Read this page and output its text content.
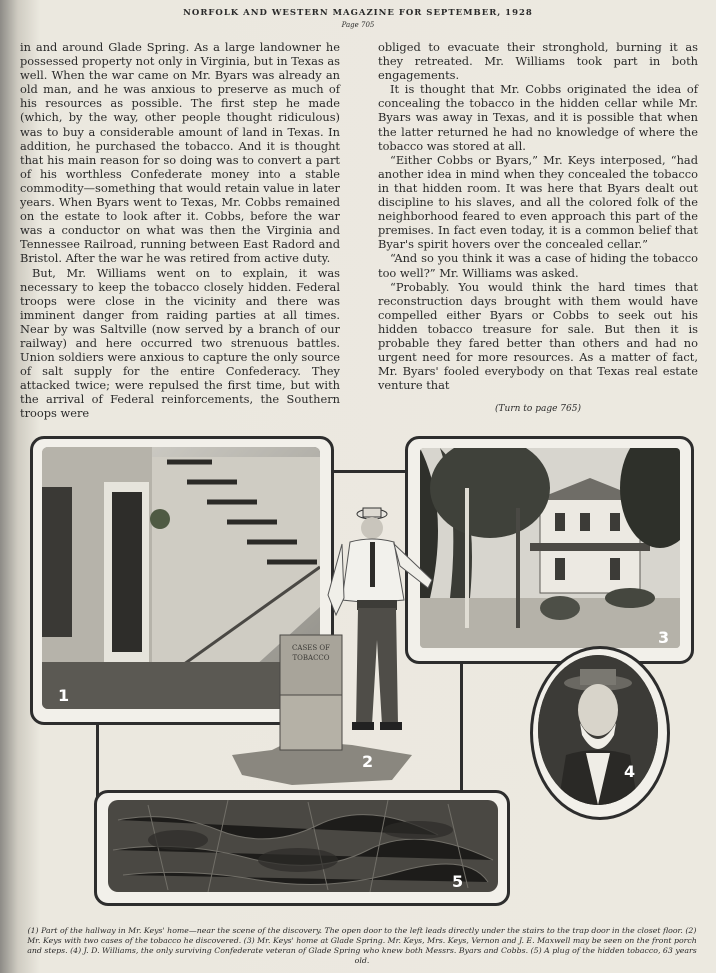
NORFOLK AND WESTERN MAGAZINE FOR SEPTEMBER, 1928
Page 705

in and around Glade Spring. As a large landowner he possessed property not only in Virginia, but in Texas as well. When the war came on Mr. Byars was already an old man, and he was anxious to preserve as much of his resources as possible. The first step he made (which, by the way, other people thought ridiculous) was to buy a considerable amount of land in Texas. In addition, he purchased the tobacco. And it is thought that his main reason for so doing was to convert a part of his worthless Confederate money into a stable commodity—something that would retain value in later years. When Byars went to Texas, Mr. Cobbs remained on the estate to look after it. Cobbs, before the war was a conductor on what was then the Virginia and Tennessee Railroad, running between East Radord and Bristol. After the war he was retired from active duty.

But, Mr. Williams went on to explain, it was necessary to keep the tobacco closely hidden. Federal troops were close in the vicinity and there was imminent danger from raiding parties at all times. Near by was Saltville (now served by a branch of our railway) and here occurred two strenuous battles. Union soldiers were anxious to capture the only source of salt supply for the entire Confederacy. They attacked twice; were repulsed the first time, but with the arrival of Federal reinforcements, the Southern troops were

obliged to evacuate their stronghold, burning it as they retreated. Mr. Williams took part in both engagements.

It is thought that Mr. Cobbs originated the idea of concealing the tobacco in the hidden cellar while Mr. Byars was away in Texas, and it is possible that when the latter returned he had no knowledge of where the tobacco was stored at all.

“Either Cobbs or Byars,” Mr. Keys interposed, “had another idea in mind when they concealed the tobacco in that hidden room. It was here that Byars dealt out discipline to his slaves, and all the colored folk of the neighborhood feared to even approach this part of the premises. In fact even today, it is a common belief that Byar's spirit hovers over the concealed cellar.”

“And so you think it was a case of hiding the tobacco too well?” Mr. Williams was asked.

“Probably. You would think the hard times that reconstruction days brought with them would have compelled either Byars or Cobbs to seek out his hidden tobacco treasure for sale. But then it is probable they fared better than others and had no urgent need for more resources. As a matter of fact, Mr. Byars' fooled everybody on that Texas real estate venture that

(Turn to page 765)
1
3
CASES OF
TOBACCO
2
4
5
(1) Part of the hallway in Mr. Keys' home—near the scene of the discovery. The open door to the left leads directly under the stairs to the trap door in the closet floor. (2) Mr. Keys with two cases of the tobacco he discovered. (3) Mr. Keys' home at Glade Spring. Mr. Keys, Mrs. Keys, Vernon and J. E. Maxwell may be seen on the front porch and steps. (4) J. D. Williams, the only surviving Confederate veteran of Glade Spring who knew both Messrs. Byars and Cobbs. (5) A plug of the hidden tobacco, 63 years old.
